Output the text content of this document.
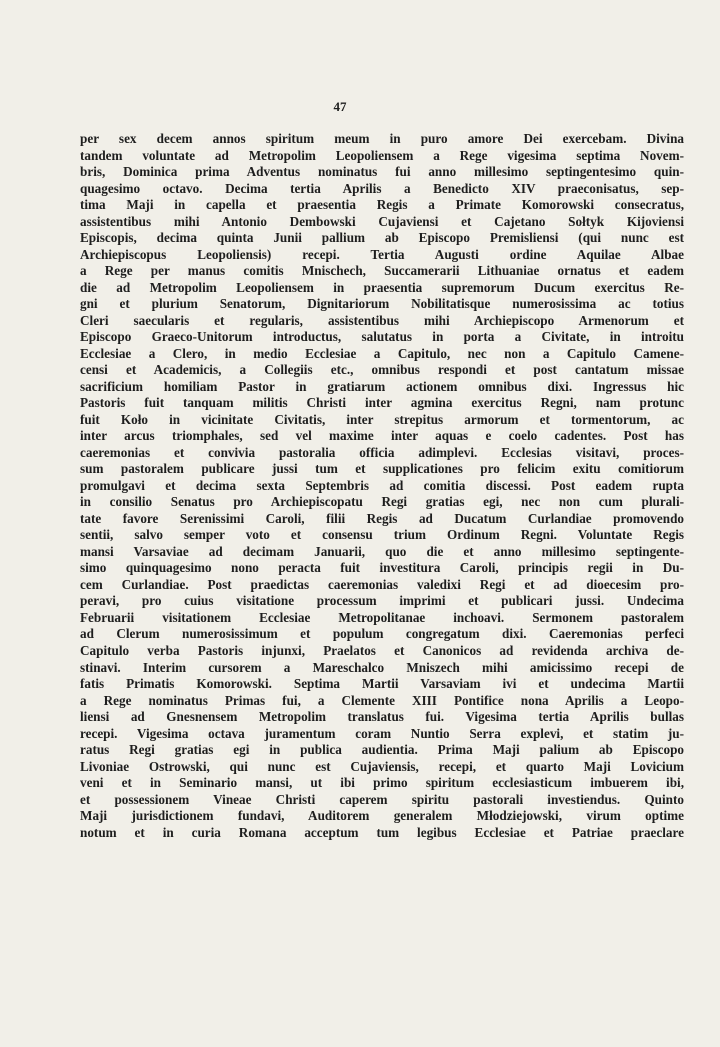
47
per sex decem annos spiritum meum in puro amore Dei exercebam. Divina
tandem voluntate ad Metropolim Leopoliensem a Rege vigesima septima Novem-
bris, Dominica prima Adventus nominatus fui anno millesimo septingentesimo quin-
quagesimo octavo. Decima tertia Aprilis a Benedicto XIV praeconisatus, sep-
tima Maji in capella et praesentia Regis a Primate Komorowski consecratus,
assistentibus mihi Antonio Dembowski Cujaviensi et Cajetano Sołtyk Kijoviensi
Episcopis, decima quinta Junii pallium ab Episcopo Premisliensi (qui nunc est
Archiepiscopus Leopoliensis) recepi. Tertia Augusti ordine Aquilae Albae
a Rege per manus comitis Mnischech, Succamerarii Lithuaniae ornatus et eadem
die ad Metropolim Leopoliensem in praesentia supremorum Ducum exercitus Re-
gni et plurium Senatorum, Dignitariorum Nobilitatisque numerosissima ac totius
Cleri saecularis et regularis, assistentibus mihi Archiepiscopo Armenorum et
Episcopo Graeco-Unitorum introductus, salutatus in porta a Civitate, in introitu
Ecclesiae a Clero, in medio Ecclesiae a Capitulo, nec non a Capitulo Camene-
censi et Academicis, a Collegiis etc., omnibus respondi et post cantatum missae
sacrificium homiliam Pastor in gratiarum actionem omnibus dixi. Ingressus hic
Pastoris fuit tanquam militis Christi inter agmina exercitus Regni, nam protunc
fuit Koło in vicinitate Civitatis, inter strepitus armorum et tormentorum, ac
inter arcus triomphales, sed vel maxime inter aquas e coelo cadentes. Post has
caeremonias et convivia pastoralia officia adimplevi. Ecclesias visitavi, proces-
sum pastoralem publicare jussi tum et supplicationes pro felicim exitu comitiorum
promulgavi et decima sexta Septembris ad comitia discessi. Post eadem rupta
in consilio Senatus pro Archiepiscopatu Regi gratias egi, nec non cum plurali-
tate favore Serenissimi Caroli, filii Regis ad Ducatum Curlandiae promovendo
sentii, salvo semper voto et consensu trium Ordinum Regni. Voluntate Regis
mansi Varsaviae ad decimam Januarii, quo die et anno millesimo septingente-
simo quinquagesimo nono peracta fuit investitura Caroli, principis regii in Du-
cem Curlandiae. Post praedictas caeremonias valedixi Regi et ad dioecesim pro-
peravi, pro cuius visitatione processum imprimi et publicari jussi. Undecima
Februarii visitationem Ecclesiae Metropolitanae inchoavi. Sermonem pastoralem
ad Clerum numerosissimum et populum congregatum dixi. Caeremonias perfeci
Capitulo verba Pastoris injunxi, Praelatos et Canonicos ad revidenda archiva de-
stinavi. Interim cursorem a Mareschalco Mniszech mihi amicissimo recepi de
fatis Primatis Komorowski. Septima Martii Varsaviam ivi et undecima Martii
a Rege nominatus Primas fui, a Clemente XIII Pontifice nona Aprilis a Leopo-
liensi ad Gnesnensem Metropolim translatus fui. Vigesima tertia Aprilis bullas
recepi. Vigesima octava juramentum coram Nuntio Serra explevi, et statim ju-
ratus Regi gratias egi in publica audientia. Prima Maji palium ab Episcopo
Livoniae Ostrowski, qui nunc est Cujaviensis, recepi, et quarto Maji Lovicium
veni et in Seminario mansi, ut ibi primo spiritum ecclesiasticum imbuerem ibi,
et possessionem Vineae Christi caperem spiritu pastorali investiendus. Quinto
Maji jurisdictionem fundavi, Auditorem generalem Młodziejowski, virum optime
notum et in curia Romana acceptum tum legibus Ecclesiae et Patriae praeclare
